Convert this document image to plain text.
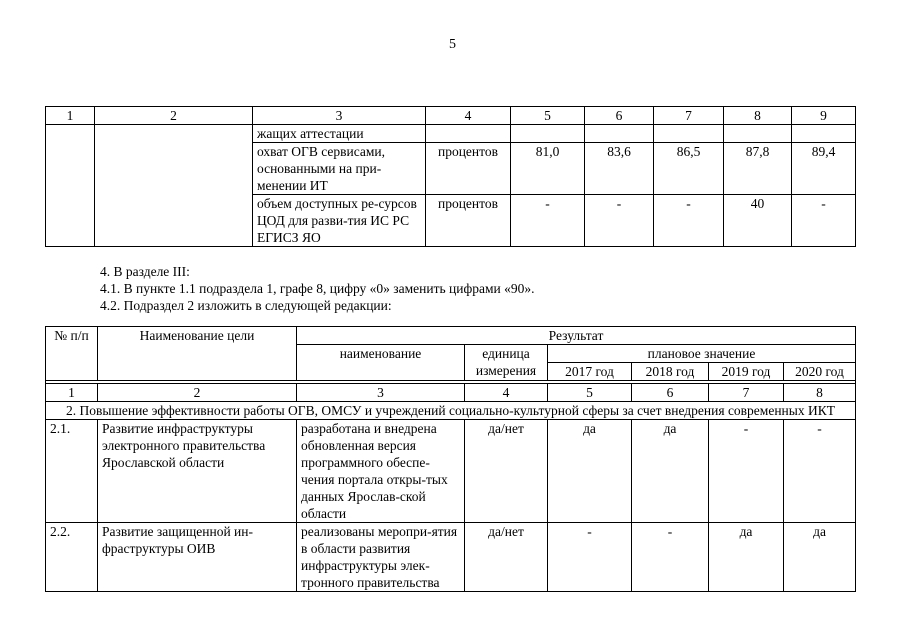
5
1	2	3	4	5	6	7	8	9
		жащих аттестации						
		охват ОГВ сервисами, основанными на при-менении ИТ	процентов	81,0	83,6	86,5	87,8	89,4
		объем доступных ре-сурсов ЦОД для разви-тия ИС РС ЕГИСЗ ЯО	процентов	-	-	-	40	-
4. В разделе III:
4.1. В пункте 1.1 подраздела 1, графе 8, цифру «0» заменить цифрами «90».
4.2. Подраздел 2 изложить в следующей редакции:
№ п/п	Наименование цели	Результат					
		наименование	единица измерения	плановое значение			
				2017 год	2018 год	2019 год	2020 год

1	2	3	4	5	6	7	8
2. Повышение эффективности работы ОГВ, ОМСУ и учреждений социально-культурной сферы за счет внедрения современных ИКТ							
2.1.	Развитие инфраструктуры электронного правительства Ярославской области	разработана и внедрена обновленная версия программного обеспе-чения портала откры-тых данных Ярослав-ской области	да/нет	да	да	-	-
2.2.	Развитие защищенной ин-фраструктуры ОИВ	реализованы меропри-ятия в области развития инфраструктуры элек-тронного правительства	да/нет	-	-	да	да
